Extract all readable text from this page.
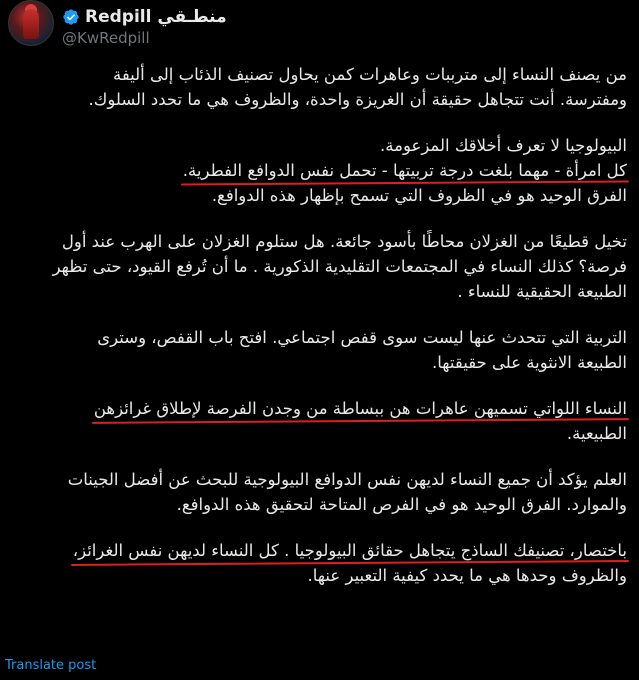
Redpill منطـقي
@KwRedpill

من يصنف النساء إلى مترببات وعاهرات كمن يحاول تصنيف الذئاب إلى أليفة
ومفترسة. أنت تتجاهل حقيقة أن الغريزة واحدة، والظروف هي ما تحدد السلوك.

البيولوجيا لا تعرف أخلاقك المزعومة.
كل امرأة - مهما بلغت درجة تربيتها - تحمل نفس الدوافع الفطرية.
الفرق الوحيد هو في الظروف التي تسمح بإظهار هذه الدوافع.

تخيل قطيعًا من الغزلان محاطًا بأسود جائعة. هل ستلوم الغزلان على الهرب عند أول
فرصة؟ كذلك النساء في المجتمعات التقليدية الذكورية . ما أن تُرفع القيود، حتى تظهر
الطبيعة الحقيقية للنساء .

التربية التي تتحدث عنها ليست سوى قفص اجتماعي. افتح باب القفص، وسترى
الطبيعة الانثوية على حقيقتها.

النساء اللواتي تسميهن عاهرات هن ببساطة من وجدن الفرصة لإطلاق غرائزهن
الطبيعية.

العلم يؤكد أن جميع النساء لديهن نفس الدوافع البيولوجية للبحث عن أفضل الجينات
والموارد. الفرق الوحيد هو في الفرص المتاحة لتحقيق هذه الدوافع.

باختصار، تصنيفك الساذج يتجاهل حقائق البيولوجيا . كل النساء لديهن نفس الغرائز،
والظروف وحدها هي ما يحدد كيفية التعبير عنها.

Translate post
